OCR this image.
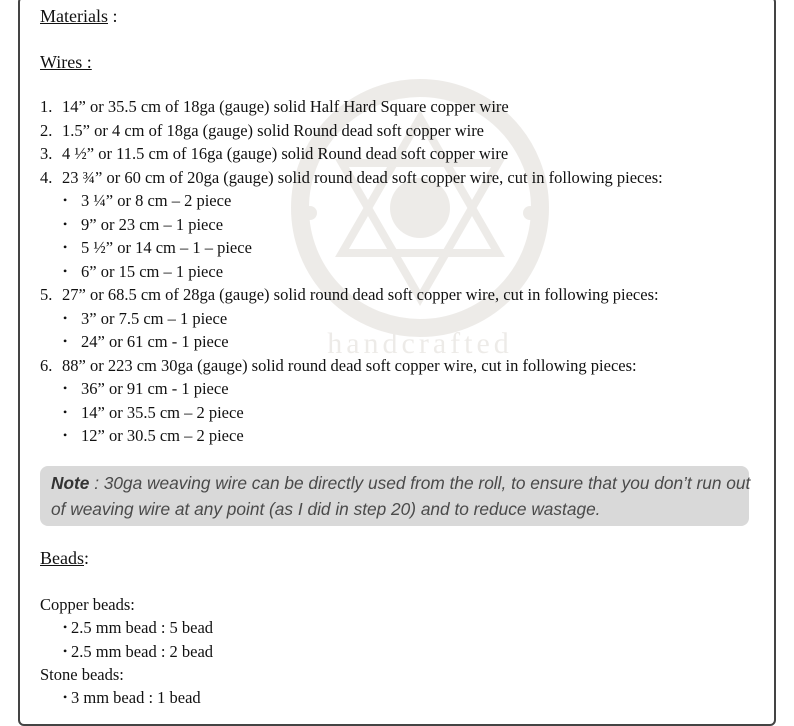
handcrafted
Materials :
Wires :
1. 14” or 35.5 cm of 18ga (gauge) solid Half Hard Square copper wire
2. 1.5” or 4 cm of 18ga (gauge) solid Round dead soft copper wire
3. 4 ½” or 11.5 cm of 16ga (gauge) solid Round dead soft copper wire
4. 23 ¾” or 60 cm of 20ga (gauge) solid round dead soft copper wire, cut in following pieces:
• 3 ¼” or 8 cm – 2 piece
• 9” or 23 cm – 1 piece
• 5 ½” or 14 cm – 1 – piece
• 6” or 15 cm – 1 piece
5. 27” or 68.5 cm of 28ga (gauge) solid round dead soft copper wire, cut in following pieces:
• 3” or 7.5 cm – 1 piece
• 24” or 61 cm - 1 piece
6. 88” or 223 cm 30ga (gauge) solid round dead soft copper wire, cut in following pieces:
• 36” or 91 cm - 1 piece
• 14” or 35.5 cm – 2 piece
• 12” or 30.5 cm – 2 piece
Note : 30ga weaving wire can be directly used from the roll, to ensure that you don’t run out of weaving wire at any point (as I did in step 20) and to reduce wastage.
Beads:
Copper beads:
• 2.5 mm bead : 5 bead
• 2.5 mm bead : 2 bead
Stone beads:
• 3 mm bead : 1 bead
